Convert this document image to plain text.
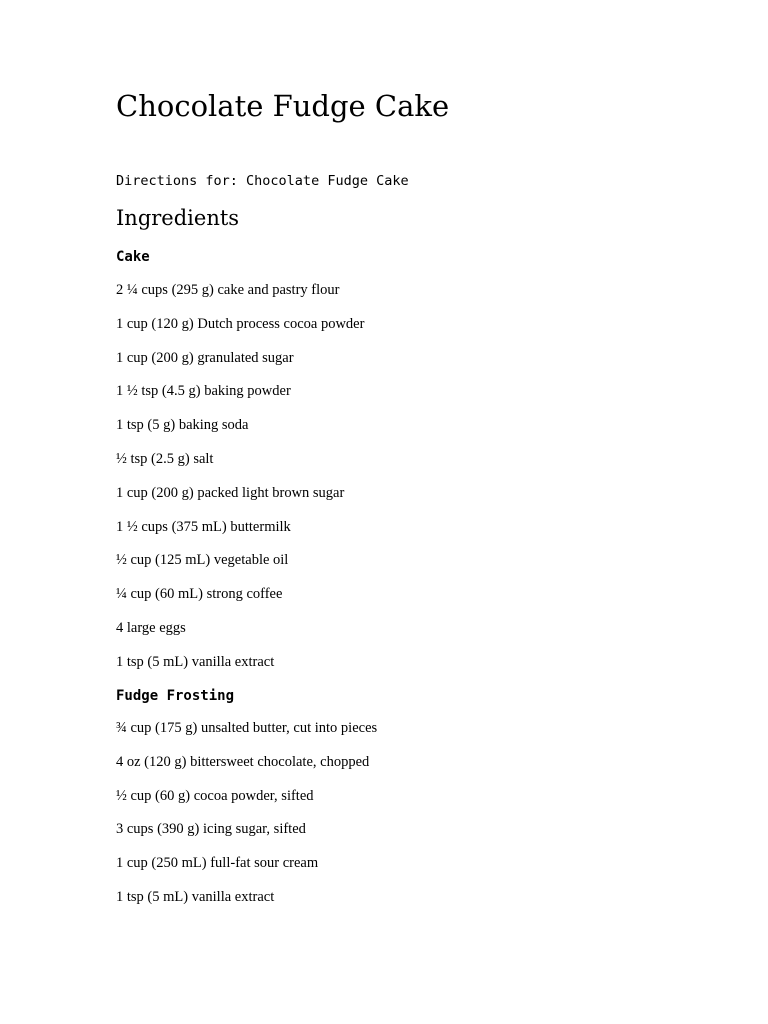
Chocolate Fudge Cake

Directions for: Chocolate Fudge Cake

Ingredients
Cake
2 ¼ cups (295 g) cake and pastry flour
1 cup (120 g) Dutch process cocoa powder
1 cup (200 g) granulated sugar
1 ½ tsp (4.5 g) baking powder
1 tsp (5 g) baking soda
½ tsp (2.5 g) salt
1 cup (200 g) packed light brown sugar
1 ½ cups (375 mL) buttermilk
½ cup (125 mL) vegetable oil
¼ cup (60 mL) strong coffee
4 large eggs
1 tsp (5 mL) vanilla extract
Fudge Frosting
¾ cup (175 g) unsalted butter, cut into pieces
4 oz (120 g) bittersweet chocolate, chopped
½ cup (60 g) cocoa powder, sifted
3 cups (390 g) icing sugar, sifted
1 cup (250 mL) full-fat sour cream
1 tsp (5 mL) vanilla extract
